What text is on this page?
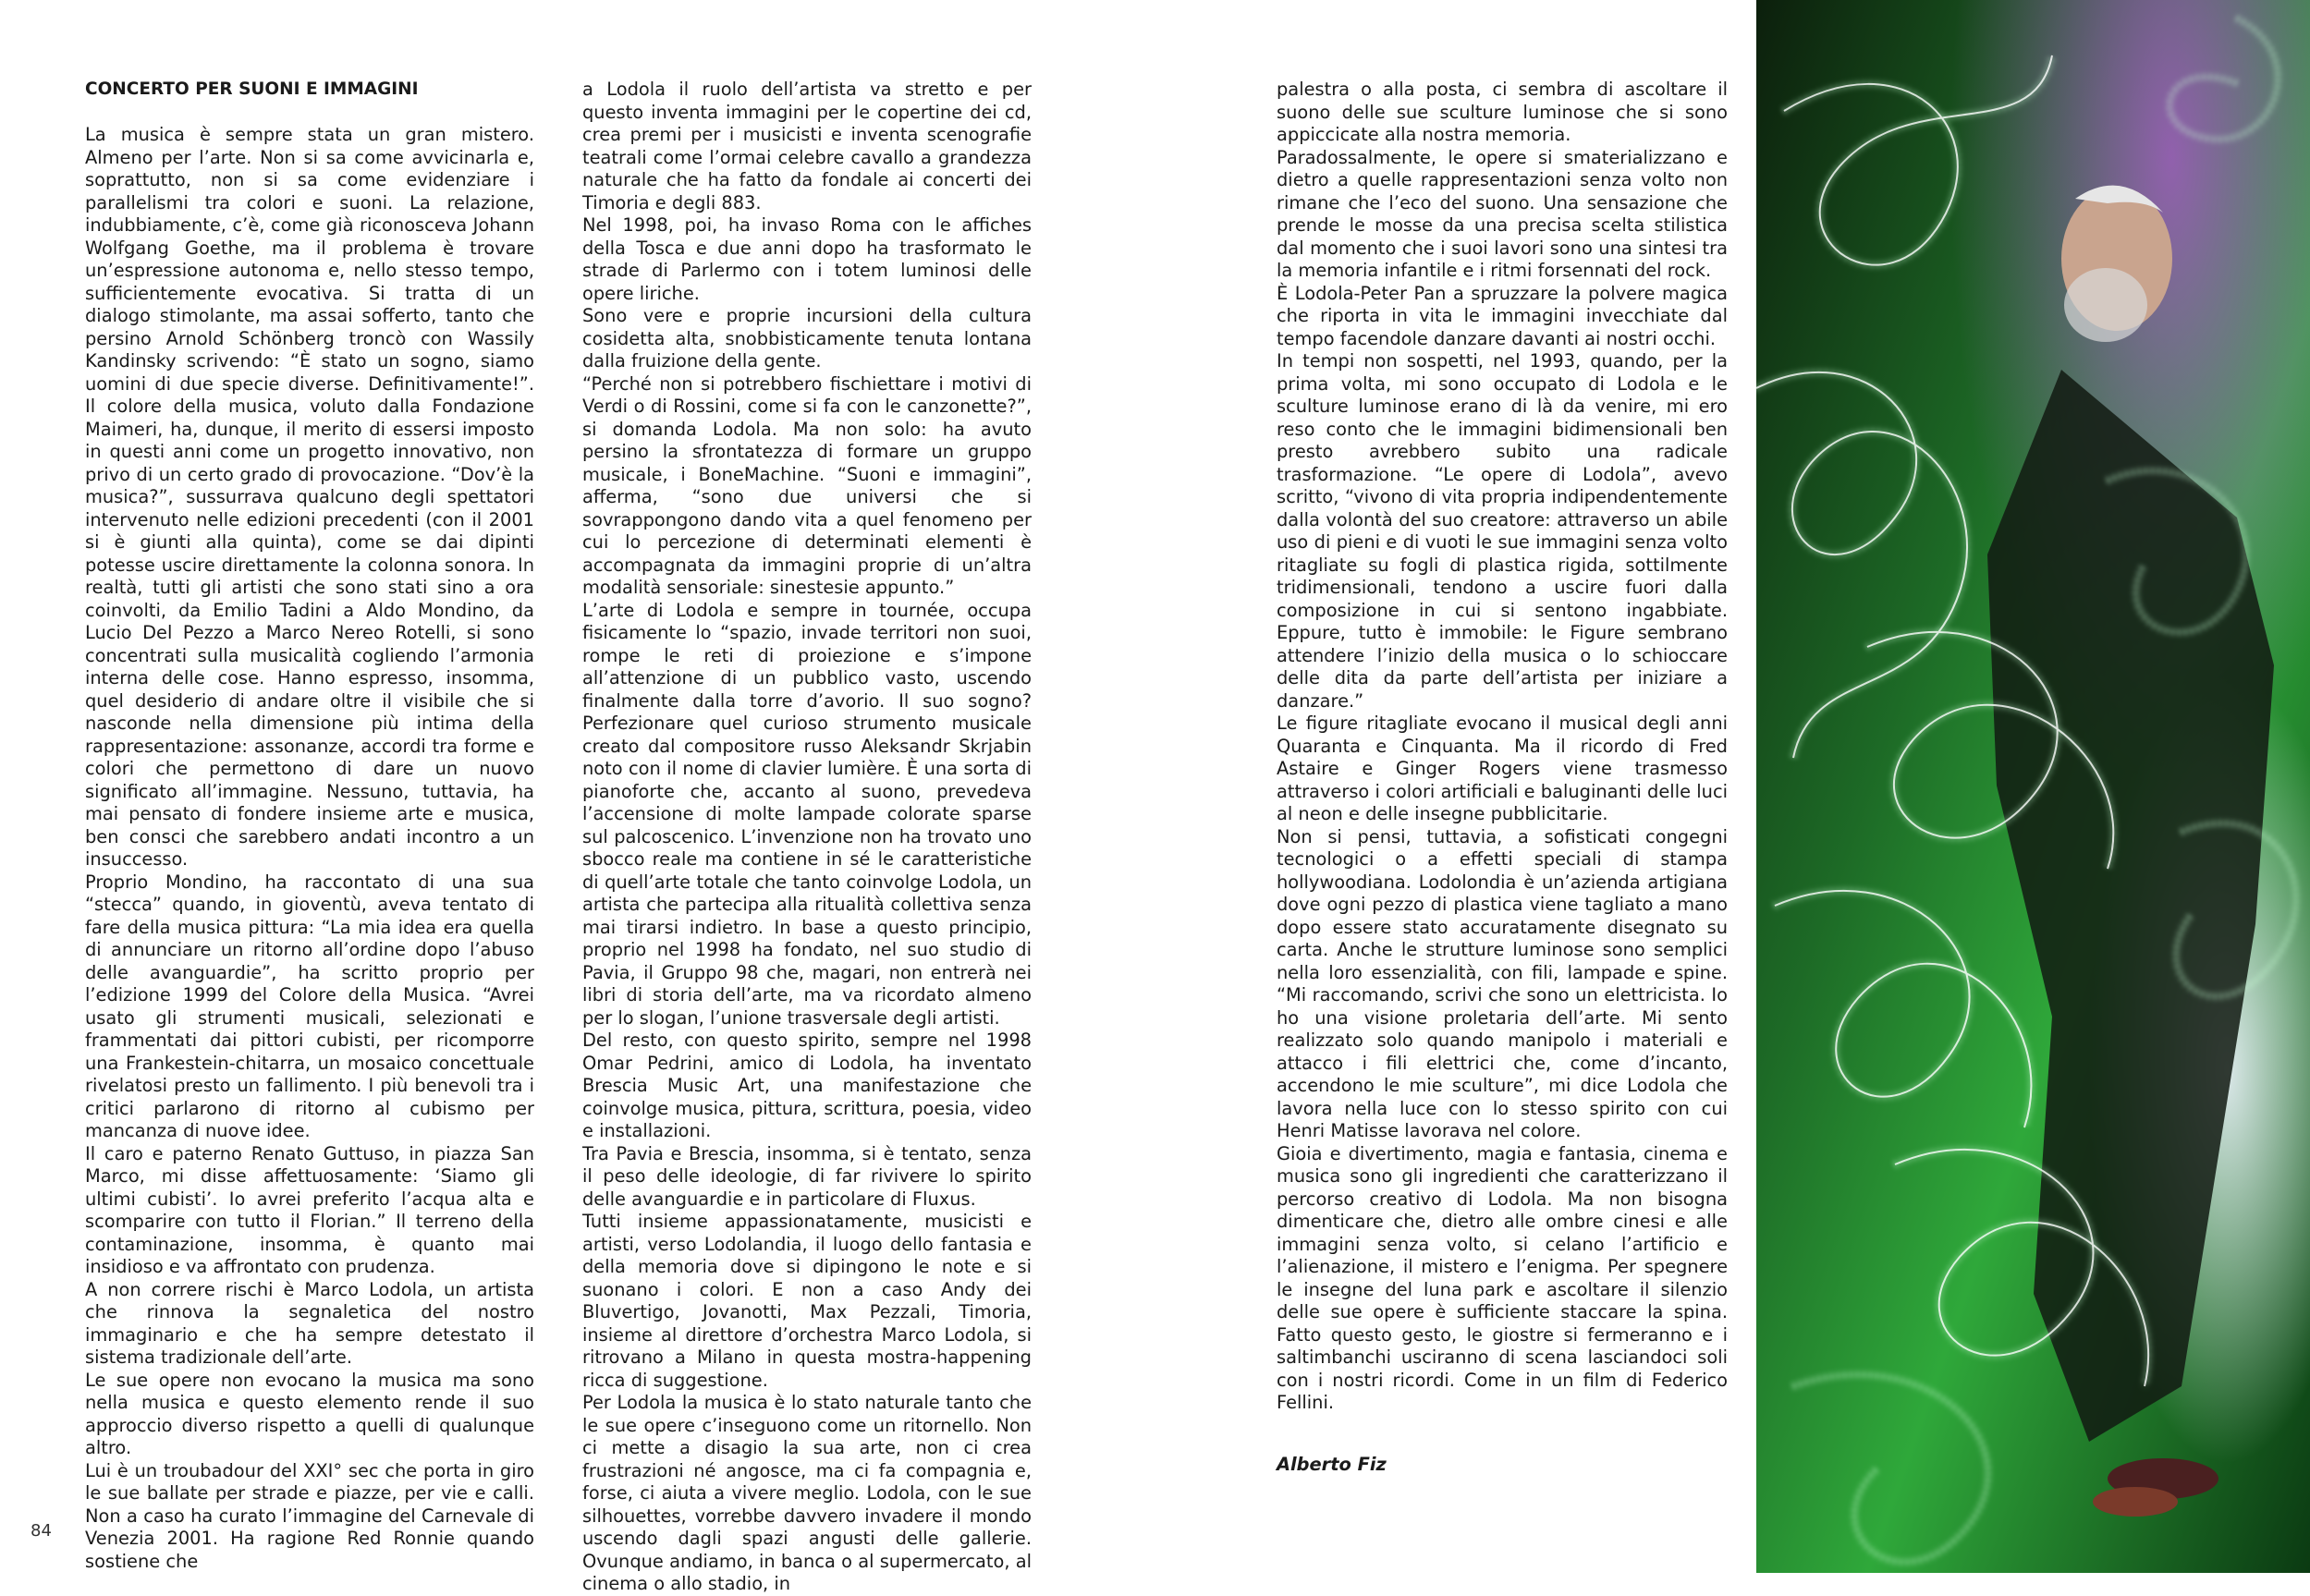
CONCERTO PER SUONI E IMMAGINI

La musica è sempre stata un gran mistero. Almeno per l’arte. Non si sa come avvicinarla e, soprattutto, non si sa come evidenziare i parallelismi tra colori e suoni. La relazione, indubbiamente, c’è, come già riconosceva Johann Wolfgang Goethe, ma il problema è trovare un’espressione autonoma e, nello stesso tempo, sufficientemente evocativa. Si tratta di un dialogo stimolante, ma assai sofferto, tanto che persino Arnold Schönberg troncò con Wassily Kandinsky scrivendo: “È stato un sogno, siamo uomini di due specie diverse. Definitivamente!”. Il colore della musica, voluto dalla Fondazione Maimeri, ha, dunque, il merito di essersi imposto in questi anni come un progetto innovativo, non privo di un certo grado di provocazione. “Dov’è la musica?”, sussurrava qualcuno degli spettatori intervenuto nelle edizioni precedenti (con il 2001 si è giunti alla quinta), come se dai dipinti potesse uscire direttamente la colonna sonora. In realtà, tutti gli artisti che sono stati sino a ora coinvolti, da Emilio Tadini a Aldo Mondino, da Lucio Del Pezzo a Marco Nereo Rotelli, si sono concentrati sulla musicalità cogliendo l’armonia interna delle cose. Hanno espresso, insomma, quel desiderio di andare oltre il visibile che si nasconde nella dimensione più intima della rappresentazione: assonanze, accordi tra forme e colori che permettono di dare un nuovo significato all’immagine. Nessuno, tuttavia, ha mai pensato di fondere insieme arte e musica, ben consci che sarebbero andati incontro a un insuccesso.

Proprio Mondino, ha raccontato di una sua “stecca” quando, in gioventù, aveva tentato di fare della musica pittura: “La mia idea era quella di annunciare un ritorno all’ordine dopo l’abuso delle avanguardie”, ha scritto proprio per l’edizione 1999 del Colore della Musica. “Avrei usato gli strumenti musicali, selezionati e frammentati dai pittori cubisti, per ricomporre una Frankestein-chitarra, un mosaico concettuale rivelatosi presto un fallimento. I più benevoli tra i critici parlarono di ritorno al cubismo per mancanza di nuove idee.

Il caro e paterno Renato Guttuso, in piazza San Marco, mi disse affettuosamente: ‘Siamo gli ultimi cubisti’. Io avrei preferito l’acqua alta e scomparire con tutto il Florian.” Il terreno della contaminazione, insomma, è quanto mai insidioso e va affrontato con prudenza.

A non correre rischi è Marco Lodola, un artista che rinnova la segnaletica del nostro immaginario e che ha sempre detestato il sistema tradizionale dell’arte.

Le sue opere non evocano la musica ma sono nella musica e questo elemento rende il suo approccio diverso rispetto a quelli di qualunque altro.

Lui è un troubadour del XXI° sec che porta in giro le sue ballate per strade e piazze, per vie e calli. Non a caso ha curato l’immagine del Carnevale di Venezia 2001. Ha ragione Red Ronnie quando sostiene che

a Lodola il ruolo dell’artista va stretto e per questo inventa immagini per le copertine dei cd, crea premi per i musicisti e inventa scenografie teatrali come l’ormai celebre cavallo a grandezza naturale che ha fatto da fondale ai concerti dei Timoria e degli 883.

Nel 1998, poi, ha invaso Roma con le affiches della Tosca e due anni dopo ha trasformato le strade di Parlermo con i totem luminosi delle opere liriche.

Sono vere e proprie incursioni della cultura cosidetta alta, snobbisticamente tenuta lontana dalla fruizione della gente.

“Perché non si potrebbero fischiettare i motivi di Verdi o di Rossini, come si fa con le canzonette?”, si domanda Lodola. Ma non solo: ha avuto persino la sfrontatezza di formare un gruppo musicale, i BoneMachine. “Suoni e immagini”, afferma, “sono due universi che si sovrappongono dando vita a quel fenomeno per cui lo percezione di determinati elementi è accompagnata da immagini proprie di un’altra modalità sensoriale: sinestesie appunto.”

L’arte di Lodola e sempre in tournée, occupa fisicamente lo “spazio, invade territori non suoi, rompe le reti di proiezione e s’impone all’attenzione di un pubblico vasto, uscendo finalmente dalla torre d’avorio. Il suo sogno? Perfezionare quel curioso strumento musicale creato dal compositore russo Aleksandr Skrjabin noto con il nome di clavier lumière. È una sorta di pianoforte che, accanto al suono, prevedeva l’accensione di molte lampade colorate sparse sul palcoscenico. L’invenzione non ha trovato uno sbocco reale ma contiene in sé le caratteristiche di quell’arte totale che tanto coinvolge Lodola, un artista che partecipa alla ritualità collettiva senza mai tirarsi indietro. In base a questo principio, proprio nel 1998 ha fondato, nel suo studio di Pavia, il Gruppo 98 che, magari, non entrerà nei libri di storia dell’arte, ma va ricordato almeno per lo slogan, l’unione trasversale degli artisti.

Del resto, con questo spirito, sempre nel 1998 Omar Pedrini, amico di Lodola, ha inventato Brescia Music Art, una manifestazione che coinvolge musica, pittura, scrittura, poesia, video e installazioni.

Tra Pavia e Brescia, insomma, si è tentato, senza il peso delle ideologie, di far rivivere lo spirito delle avanguardie e in particolare di Fluxus.

Tutti insieme appassionatamente, musicisti e artisti, verso Lodolandia, il luogo dello fantasia e della memoria dove si dipingono le note e si suonano i colori. E non a caso Andy dei Bluvertigo, Jovanotti, Max Pezzali, Timoria, insieme al direttore d’orchestra Marco Lodola, si ritrovano a Milano in questa mostra-happening ricca di suggestione.

Per Lodola la musica è lo stato naturale tanto che le sue opere c’inseguono come un ritornello. Non ci mette a disagio la sua arte, non ci crea frustrazioni né angosce, ma ci fa compagnia e, forse, ci aiuta a vivere meglio. Lodola, con le sue silhouettes, vorrebbe davvero invadere il mondo uscendo dagli spazi angusti delle gallerie. Ovunque andiamo, in banca o al supermercato, al cinema o allo stadio, in

palestra o alla posta, ci sembra di ascoltare il suono delle sue sculture luminose che si sono appiccicate alla nostra memoria.

Paradossalmente, le opere si smaterializzano e dietro a quelle rappresentazioni senza volto non rimane che l’eco del suono. Una sensazione che prende le mosse da una precisa scelta stilistica dal momento che i suoi lavori sono una sintesi tra la memoria infantile e i ritmi forsennati del rock.

È Lodola-Peter Pan a spruzzare la polvere magica che riporta in vita le immagini invecchiate dal tempo facendole danzare davanti ai nostri occhi.

In tempi non sospetti, nel 1993, quando, per la prima volta, mi sono occupato di Lodola e le sculture luminose erano di là da venire, mi ero reso conto che le immagini bidimensionali ben presto avrebbero subito una radicale trasformazione. “Le opere di Lodola”, avevo scritto, “vivono di vita propria indipendentemente dalla volontà del suo creatore: attraverso un abile uso di pieni e di vuoti le sue immagini senza volto ritagliate su fogli di plastica rigida, sottilmente tridimensionali, tendono a uscire fuori dalla composizione in cui si sentono ingabbiate. Eppure, tutto è immobile: le Figure sembrano attendere l’inizio della musica o lo schioccare delle dita da parte dell’artista per iniziare a danzare.”

Le figure ritagliate evocano il musical degli anni Quaranta e Cinquanta. Ma il ricordo di Fred Astaire e Ginger Rogers viene trasmesso attraverso i colori artificiali e baluginanti delle luci al neon e delle insegne pubblicitarie.

Non si pensi, tuttavia, a sofisticati congegni tecnologici o a effetti speciali di stampa hollywoodiana. Lodolondia è un’azienda artigiana dove ogni pezzo di plastica viene tagliato a mano dopo essere stato accuratamente disegnato su carta. Anche le strutture luminose sono semplici nella loro essenzialità, con fili, lampade e spine. “Mi raccomando, scrivi che sono un elettricista. Io ho una visione proletaria dell’arte. Mi sento realizzato solo quando manipolo i materiali e attacco i fili elettrici che, come d’incanto, accendono le mie sculture”, mi dice Lodola che lavora nella luce con lo stesso spirito con cui Henri Matisse lavorava nel colore.

Gioia e divertimento, magia e fantasia, cinema e musica sono gli ingredienti che caratterizzano il percorso creativo di Lodola. Ma non bisogna dimenticare che, dietro alle ombre cinesi e alle immagini senza volto, si celano l’artificio e l’alienazione, il mistero e l’enigma. Per spegnere le insegne del luna park e ascoltare il silenzio delle sue opere è sufficiente staccare la spina. Fatto questo gesto, le giostre si fermeranno e i saltimbanchi usciranno di scena lasciandoci soli con i nostri ricordi. Come in un film di Federico Fellini.

Alberto Fiz

84
